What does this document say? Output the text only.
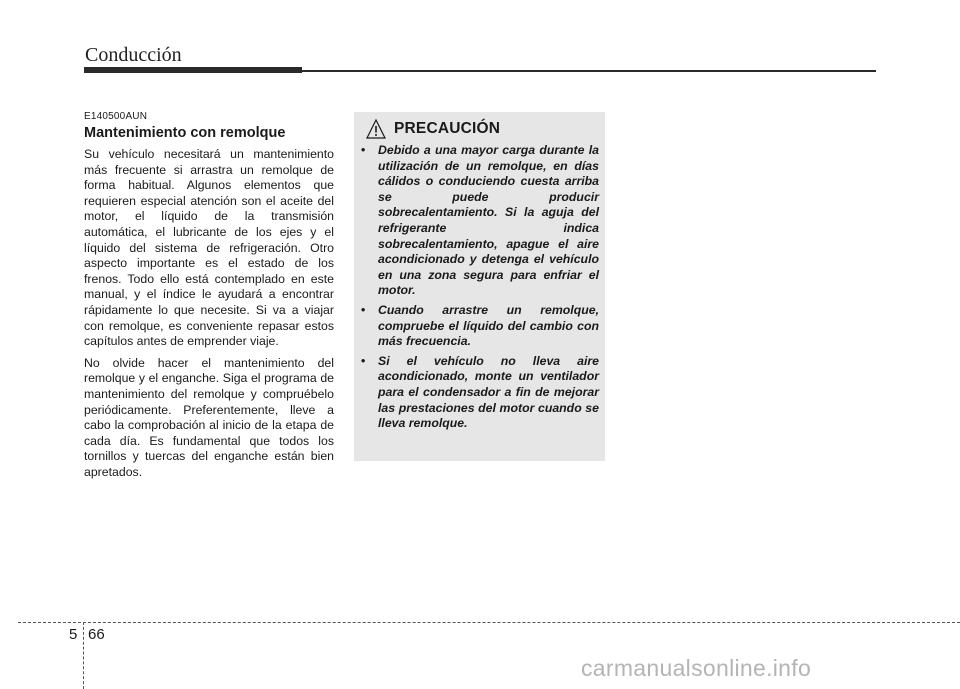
Conducción
E140500AUN
Mantenimiento con remolque

Su vehículo necesitará un mantenimiento más frecuente si arrastra un remolque de forma habitual. Algunos elementos que requieren especial atención son el aceite del motor, el líquido de la transmisión automática, el lubricante de los ejes y el líquido del sistema de refrigeración. Otro aspecto importante es el estado de los frenos. Todo ello está contemplado en este manual, y el índice le ayudará a encontrar rápidamente lo que necesite. Si va a viajar con remolque, es conveniente repasar estos capítulos antes de emprender viaje.

No olvide hacer el mantenimiento del remolque y el enganche. Siga el programa de mantenimiento del remolque y compruébelo periódicamente. Preferentemente, lleve a cabo la comprobación al inicio de la etapa de cada día. Es fundamental que todos los tornillos y tuercas del enganche están bien apretados.

PRECAUCIÓN
• Debido a una mayor carga durante la utilización de un remolque, en días cálidos o conduciendo cuesta arriba se puede producir sobrecalentamiento. Si la aguja del refrigerante indica sobrecalentamiento, apague el aire acondicionado y detenga el vehículo en una zona segura para enfriar el motor.
• Cuando arrastre un remolque, compruebe el líquido del cambio con más frecuencia.
• Si el vehículo no lleva aire acondicionado, monte un ventilador para el condensador a fin de mejorar las prestaciones del motor cuando se lleva remolque.
5 66
carmanualsonline.info
